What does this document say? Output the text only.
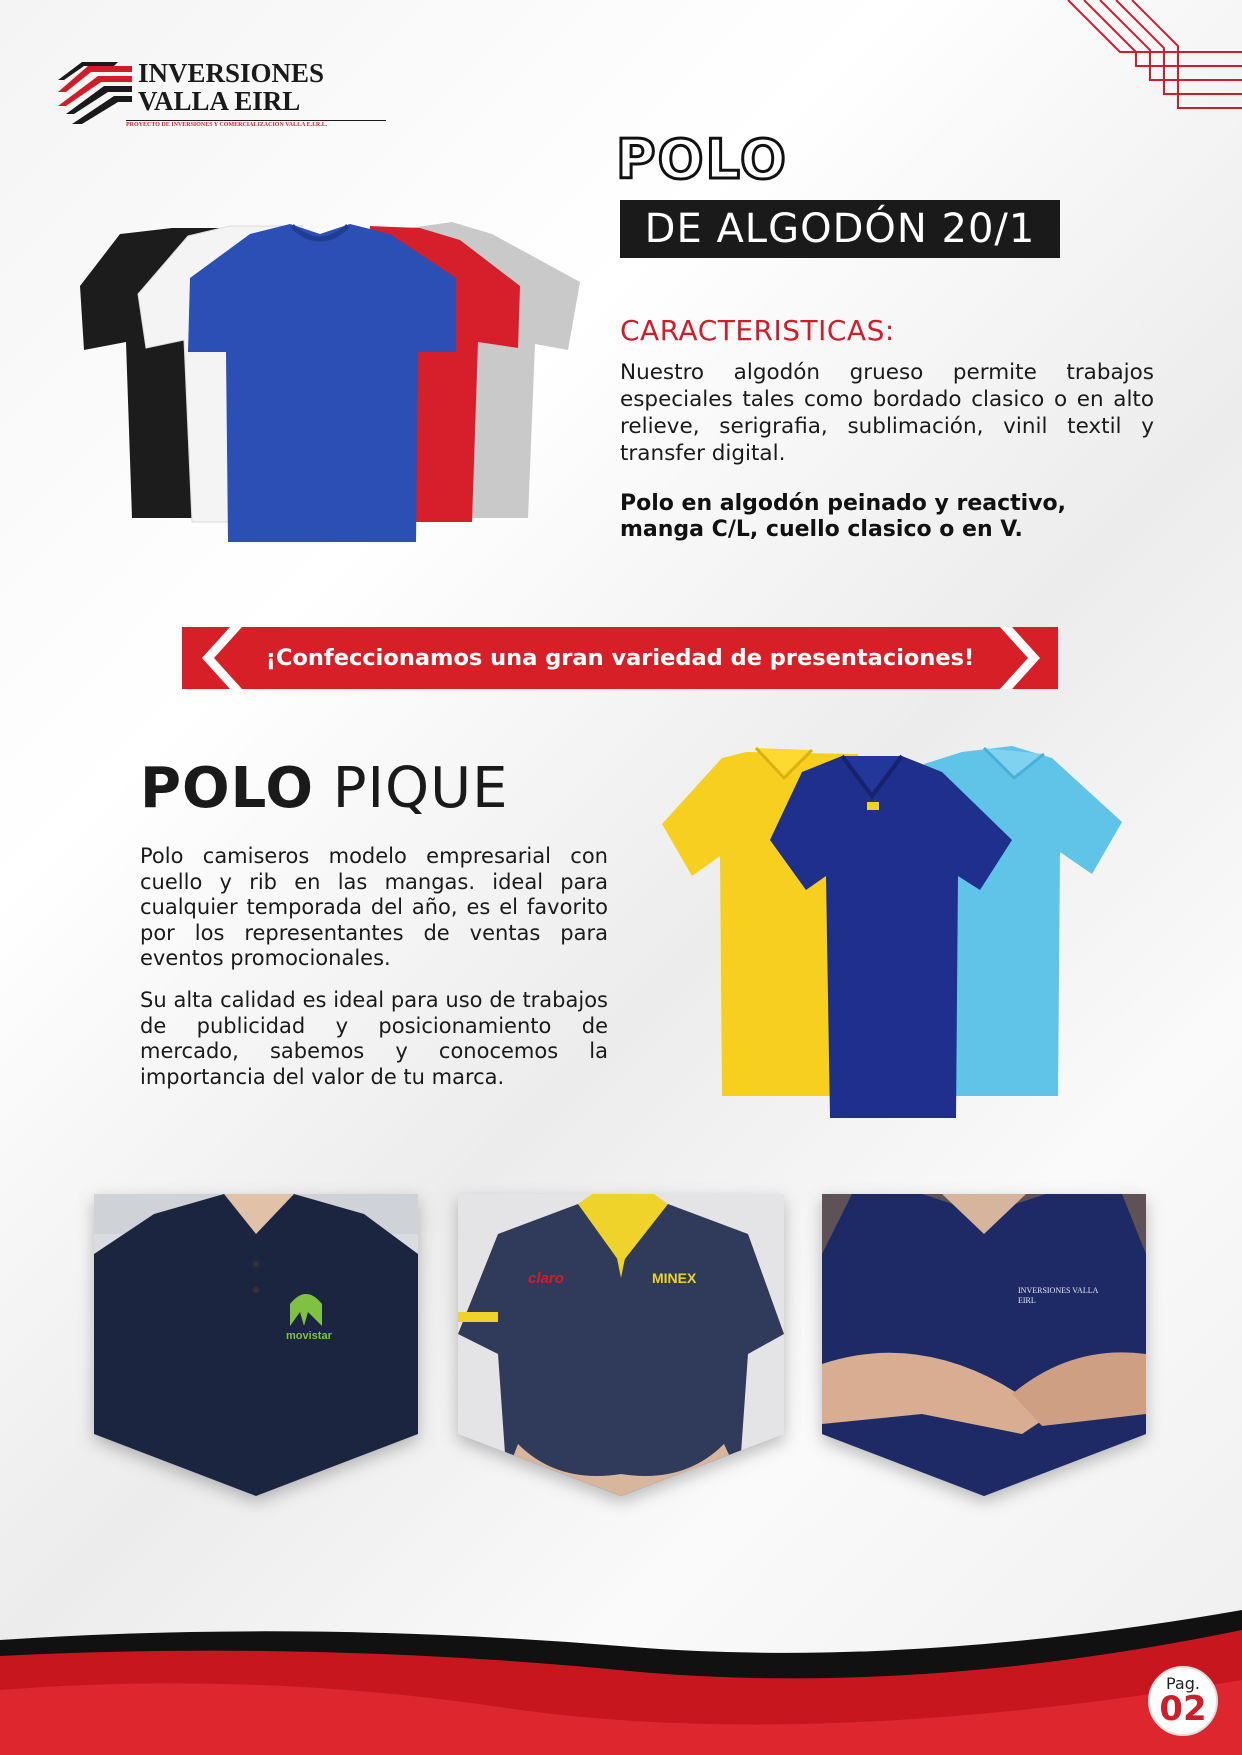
INVERSIONES
VALLA EIRL
PROYECTO DE INVERSIONES Y COMERCIALIZACIÓN VALLA E.I.R.L.
POLO
DE ALGODÓN 20/1
CARACTERISTICAS:
Nuestro algodón grueso permite trabajos especiales tales como bordado clasico o en alto relieve, serigrafia, sublimación, vinil textil y transfer digital.
Polo en algodón peinado y reactivo,
manga C/L, cuello clasico o en V.
¡Confeccionamos una gran variedad de presentaciones!
POLO PIQUE
Polo camiseros modelo empresarial con cuello y rib en las mangas. ideal para cualquier temporada del año, es el favorito por los representantes de ventas para eventos promocionales.
Su alta calidad es ideal para uso de trabajos de publicidad y posicionamiento de mercado, sabemos y conocemos la importancia del valor de tu marca.
movistar
claro	MINEX
INVERSIONES VALLA EIRL
Pag.
02
